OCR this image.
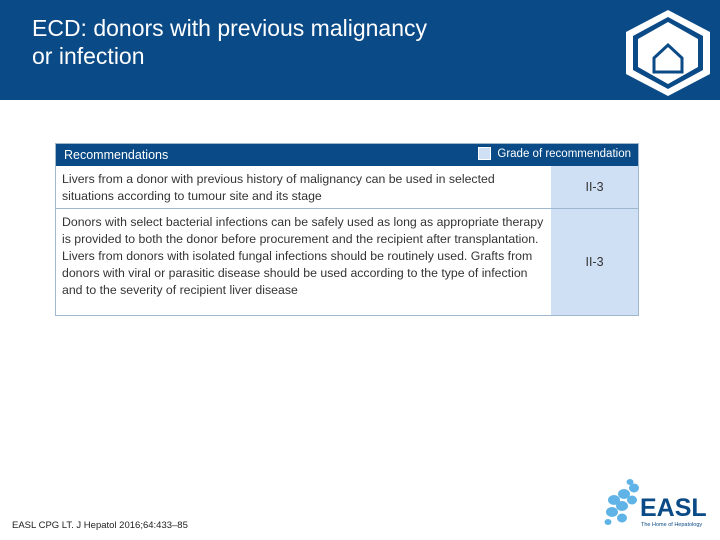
ECD: donors with previous malignancy
or infection
Recommendations	Grade of recommendation
Livers from a donor with previous history of malignancy can be used in selected situations according to tumour site and its stage
II-3
Donors with select bacterial infections can be safely used as long as appropriate therapy is provided to both the donor before procurement and the recipient after transplantation. Livers from donors with isolated fungal infections should be routinely used. Grafts from donors with viral or parasitic disease should be used according to the type of infection and to the severity of recipient liver disease
II-3
EASL CPG LT. J Hepatol 2016;64:433–85
EASL
The Home of Hepatology
